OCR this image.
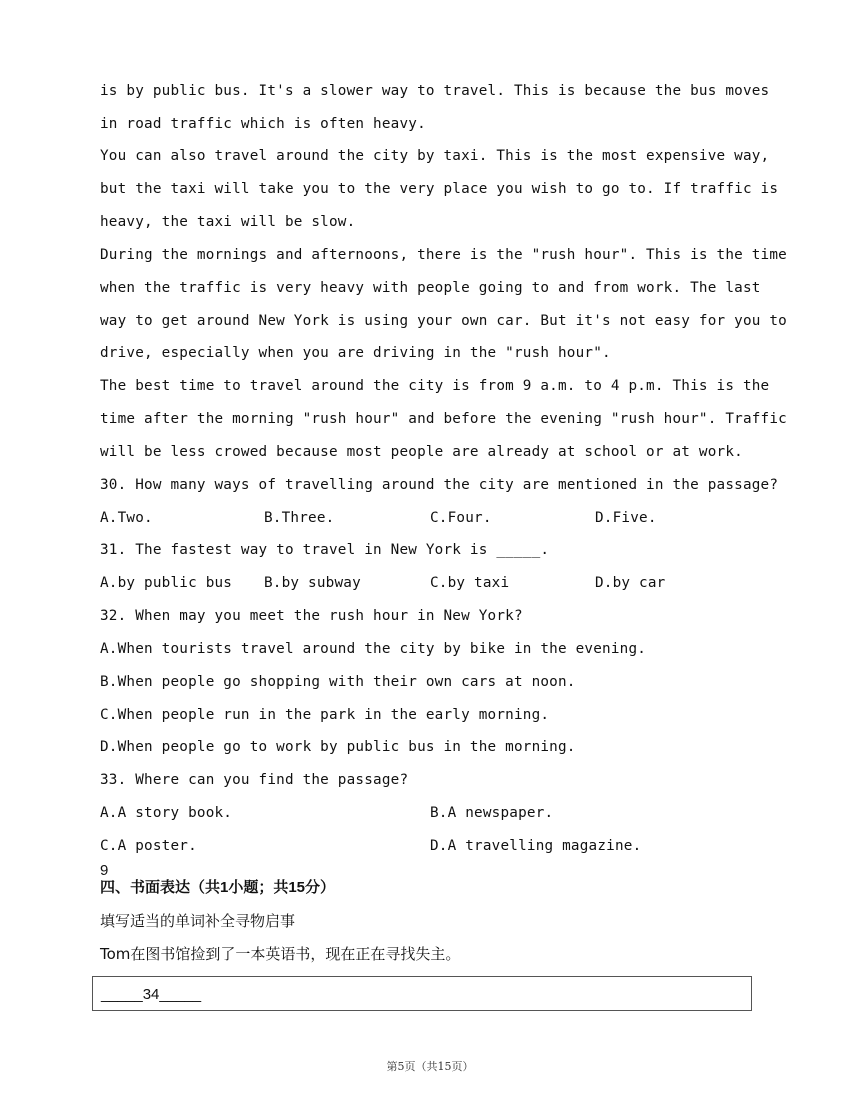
is by public bus. It's a slower way to travel. This is because the bus moves
in road traffic which is often heavy.
You can also travel around the city by taxi. This is the most expensive way,
but the taxi will take you to the very place you wish to go to. If traffic is
heavy, the taxi will be slow.
During the mornings and afternoons, there is the "rush hour". This is the time
when the traffic is very heavy with people going to and from work. The last
way to get around New York is using your own car. But it's not easy for you to
drive, especially when you are driving in the "rush hour".
The best time to travel around the city is from 9 a.m. to 4 p.m. This is the
time after the morning "rush hour" and before the evening "rush hour". Traffic
will be less crowed because most people are already at school or at work.
30. How many ways of travelling around the city are mentioned in the passage?
A.Two.	B.Three.	C.Four.	D.Five.
31. The fastest way to travel in New York is _____.
A.by public bus B.by subway	C.by taxi	D.by car
32. When may you meet the rush hour in New York?
A.When tourists travel around the city by bike in the evening.
B.When people go shopping with their own cars at noon.
C.When people run in the park in the early morning.
D.When people go to work by public bus in the morning.
33. Where can you find the passage?
A.A story book.	B.A newspaper.
C.A poster.	D.A travelling magazine.
9
四、书面表达（共1小题；共15分）
填写适当的单词补全寻物启事
Tom在图书馆捡到了一本英语书，现在正在寻找失主。
_____34_____
第5页（共15页）
